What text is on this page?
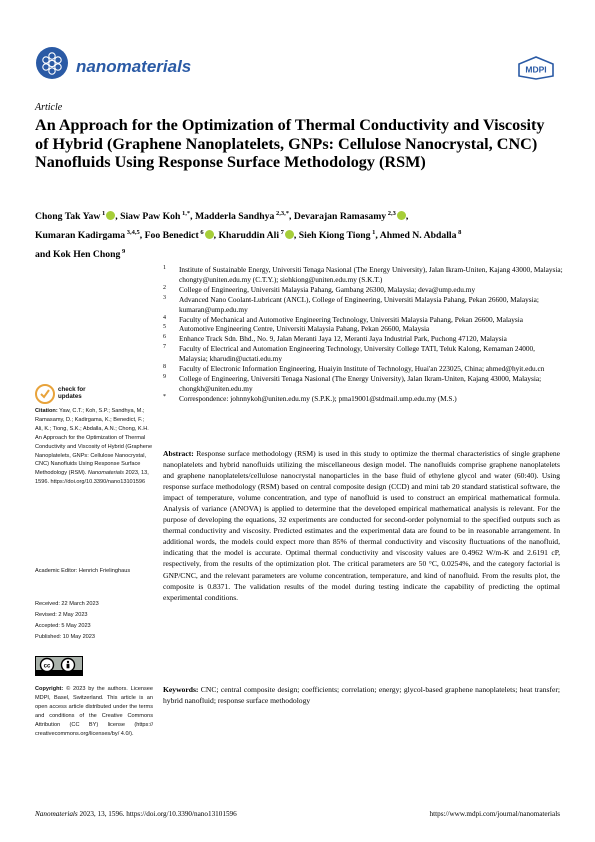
nanomaterials	MDPI
Article
An Approach for the Optimization of Thermal Conductivity and Viscosity of Hybrid (Graphene Nanoplatelets, GNPs: Cellulose Nanocrystal, CNC) Nanofluids Using Response Surface Methodology (RSM)
Chong Tak Yaw $^1$ , Siaw Paw Koh $^{1,*}$, Madderla Sandhya $^{2,3,*}$, Devarajan Ramasamy $^{2,3}$ ,
Kumaran Kadirgama $^{3,4,5}$, Foo Benedict $^6$ , Kharuddin Ali $^7$ , Sieh Kiong Tiong $^1$, Ahmed N. Abdalla $^8$
and Kok Hen Chong $^9$
1 Institute of Sustainable Energy, Universiti Tenaga Nasional (The Energy University), Jalan Ikram-Uniten, Kajang 43000, Malaysia; chongty@uniten.edu.my (C.T.Y.); siehkiong@uniten.edu.my (S.K.T.)
2 College of Engineering, Universiti Malaysia Pahang, Gambang 26300, Malaysia; deva@ump.edu.my
3 Advanced Nano Coolant-Lubricant (ANCL), College of Engineering, Universiti Malaysia Pahang, Pekan 26600, Malaysia; kumaran@ump.edu.my
4 Faculty of Mechanical and Automotive Engineering Technology, Universiti Malaysia Pahang, Pekan 26600, Malaysia
5 Automotive Engineering Centre, Universiti Malaysia Pahang, Pekan 26600, Malaysia
6 Enhance Track Sdn. Bhd., No. 9, Jalan Meranti Jaya 12, Meranti Jaya Industrial Park, Puchong 47120, Malaysia
7 Faculty of Electrical and Automation Engineering Technology, University College TATI, Teluk Kalong, Kemaman 24000, Malaysia; kharudin@uctati.edu.my
8 Faculty of Electronic Information Engineering, Huaiyin Institute of Technology, Huai'an 223025, China; ahmed@hyit.edu.cn
9 College of Engineering, Universiti Tenaga Nasional (The Energy University), Jalan Ikram-Uniten, Kajang 43000, Malaysia; chongkh@uniten.edu.my
* Correspondence: johnnykoh@uniten.edu.my (S.P.K.); pma19001@stdmail.ump.edu.my (M.S.)
check for updates
Citation: Yaw, C.T.; Koh, S.P.; Sandhya, M.; Ramasamy, D.; Kadirgama, K.; Benedict, F.; Ali, K.; Tiong, S.K.; Abdalla, A.N.; Chong, K.H. An Approach for the Optimization of Thermal Conductivity and Viscosity of Hybrid (Graphene Nanoplatelets, GNPs: Cellulose Nanocrystal, CNC) Nanofluids Using Response Surface Methodology (RSM). Nanomaterials 2023, 13, 1596. https://doi.org/10.3390/nano13101596
Academic Editor: Henrich Frielinghaus
Received: 22 March 2023
Revised: 2 May 2023
Accepted: 5 May 2023
Published: 10 May 2023
cc
Copyright: © 2023 by the authors. Licensee MDPI, Basel, Switzerland. This article is an open access article distributed under the terms and conditions of the Creative Commons Attribution (CC BY) license (https:// creativecommons.org/licenses/by/ 4.0/).
Abstract: Response surface methodology (RSM) is used in this study to optimize the thermal characteristics of single graphene nanoplatelets and hybrid nanofluids utilizing the miscellaneous design model. The nanofluids comprise graphene nanoplatelets and graphene nanoplatelets/cellulose nanocrystal nanoparticles in the base fluid of ethylene glycol and water (60:40). Using response surface methodology (RSM) based on central composite design (CCD) and mini tab 20 standard statistical software, the impact of temperature, volume concentration, and type of nanofluid is used to construct an empirical mathematical formula. Analysis of variance (ANOVA) is applied to determine that the developed empirical mathematical analysis is relevant. For the purpose of developing the equations, 32 experiments are conducted for second-order polynomial to the specified outputs such as thermal conductivity and viscosity. Predicted estimates and the experimental data are found to be in reasonable arrangement. In additional words, the models could expect more than 85% of thermal conductivity and viscosity fluctuations of the nanofluid, indicating that the model is accurate. Optimal thermal conductivity and viscosity values are 0.4962 W/m-K and 2.6191 cP, respectively, from the results of the optimization plot. The critical parameters are 50 °C, 0.0254%, and the category factorial is GNP/CNC, and the relevant parameters are volume concentration, temperature, and kind of nanofluid. From the results plot, the composite is 0.8371. The validation results of the model during testing indicate the capability of predicting the optimal experimental conditions.
Keywords: CNC; central composite design; coefficients; correlation; energy; glycol-based graphene nanoplatelets; heat transfer; hybrid nanofluid; response surface methodology
Nanomaterials 2023, 13, 1596. https://doi.org/10.3390/nano13101596	https://www.mdpi.com/journal/nanomaterials
